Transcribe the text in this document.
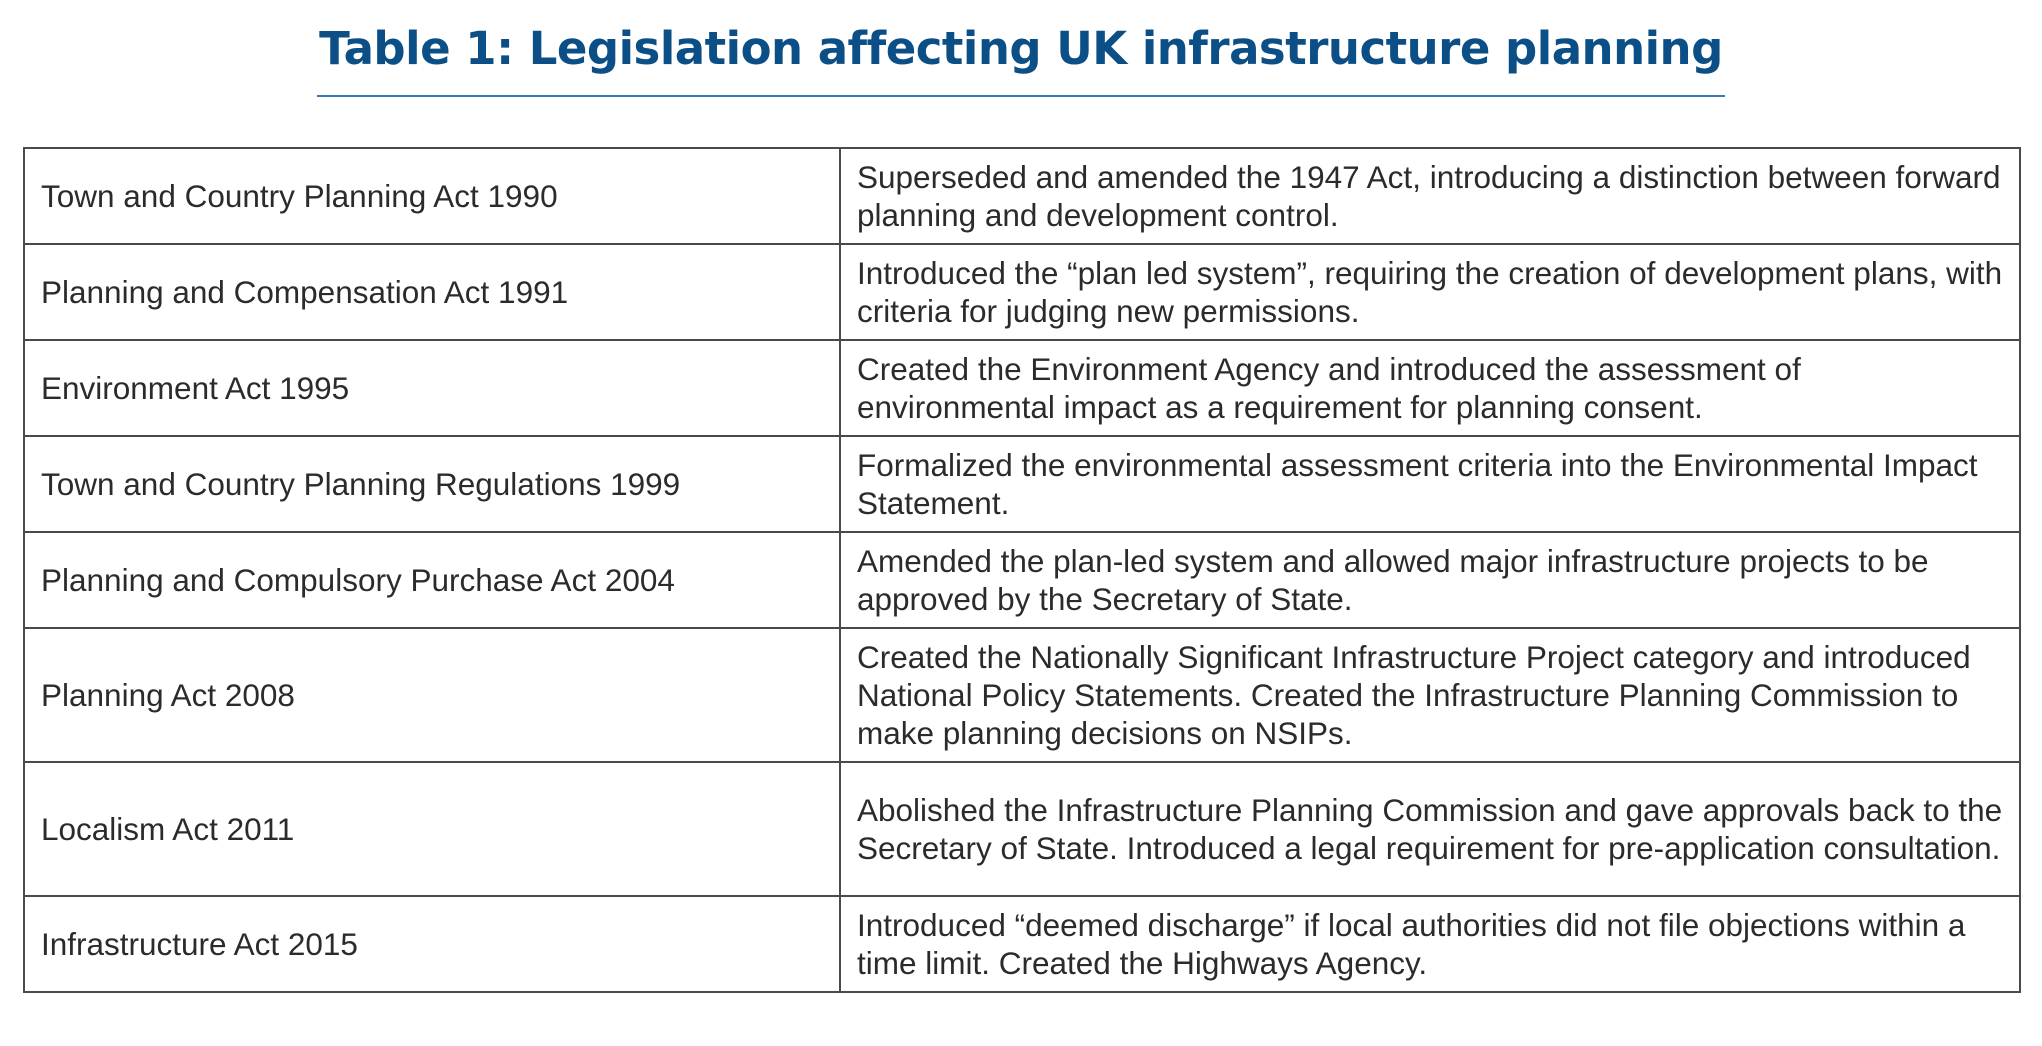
Table 1: Legislation affecting UK infrastructure planning
Town and Country Planning Act 1990	Superseded and amended the 1947 Act, introducing a distinction between forward planning and development control.
Planning and Compensation Act 1991	Introduced the “plan led system”, requiring the creation of development plans, with criteria for judging new permissions.
Environment Act 1995	Created the Environment Agency and introduced the assessment of environmental impact as a requirement for planning consent.
Town and Country Planning Regulations 1999	Formalized the environmental assessment criteria into the Environmental Impact Statement.
Planning and Compulsory Purchase Act 2004	Amended the plan-led system and allowed major infrastructure projects to be approved by the Secretary of State.
Planning Act 2008	Created the Nationally Significant Infrastructure Project category and introduced National Policy Statements. Created the Infrastructure Planning Commission to make planning decisions on NSIPs.
Localism Act 2011	Abolished the Infrastructure Planning Commission and gave approvals back to the Secretary of State. Introduced a legal requirement for pre-application consultation.
Infrastructure Act 2015	Introduced “deemed discharge” if local authorities did not file objections within a time limit. Created the Highways Agency.
